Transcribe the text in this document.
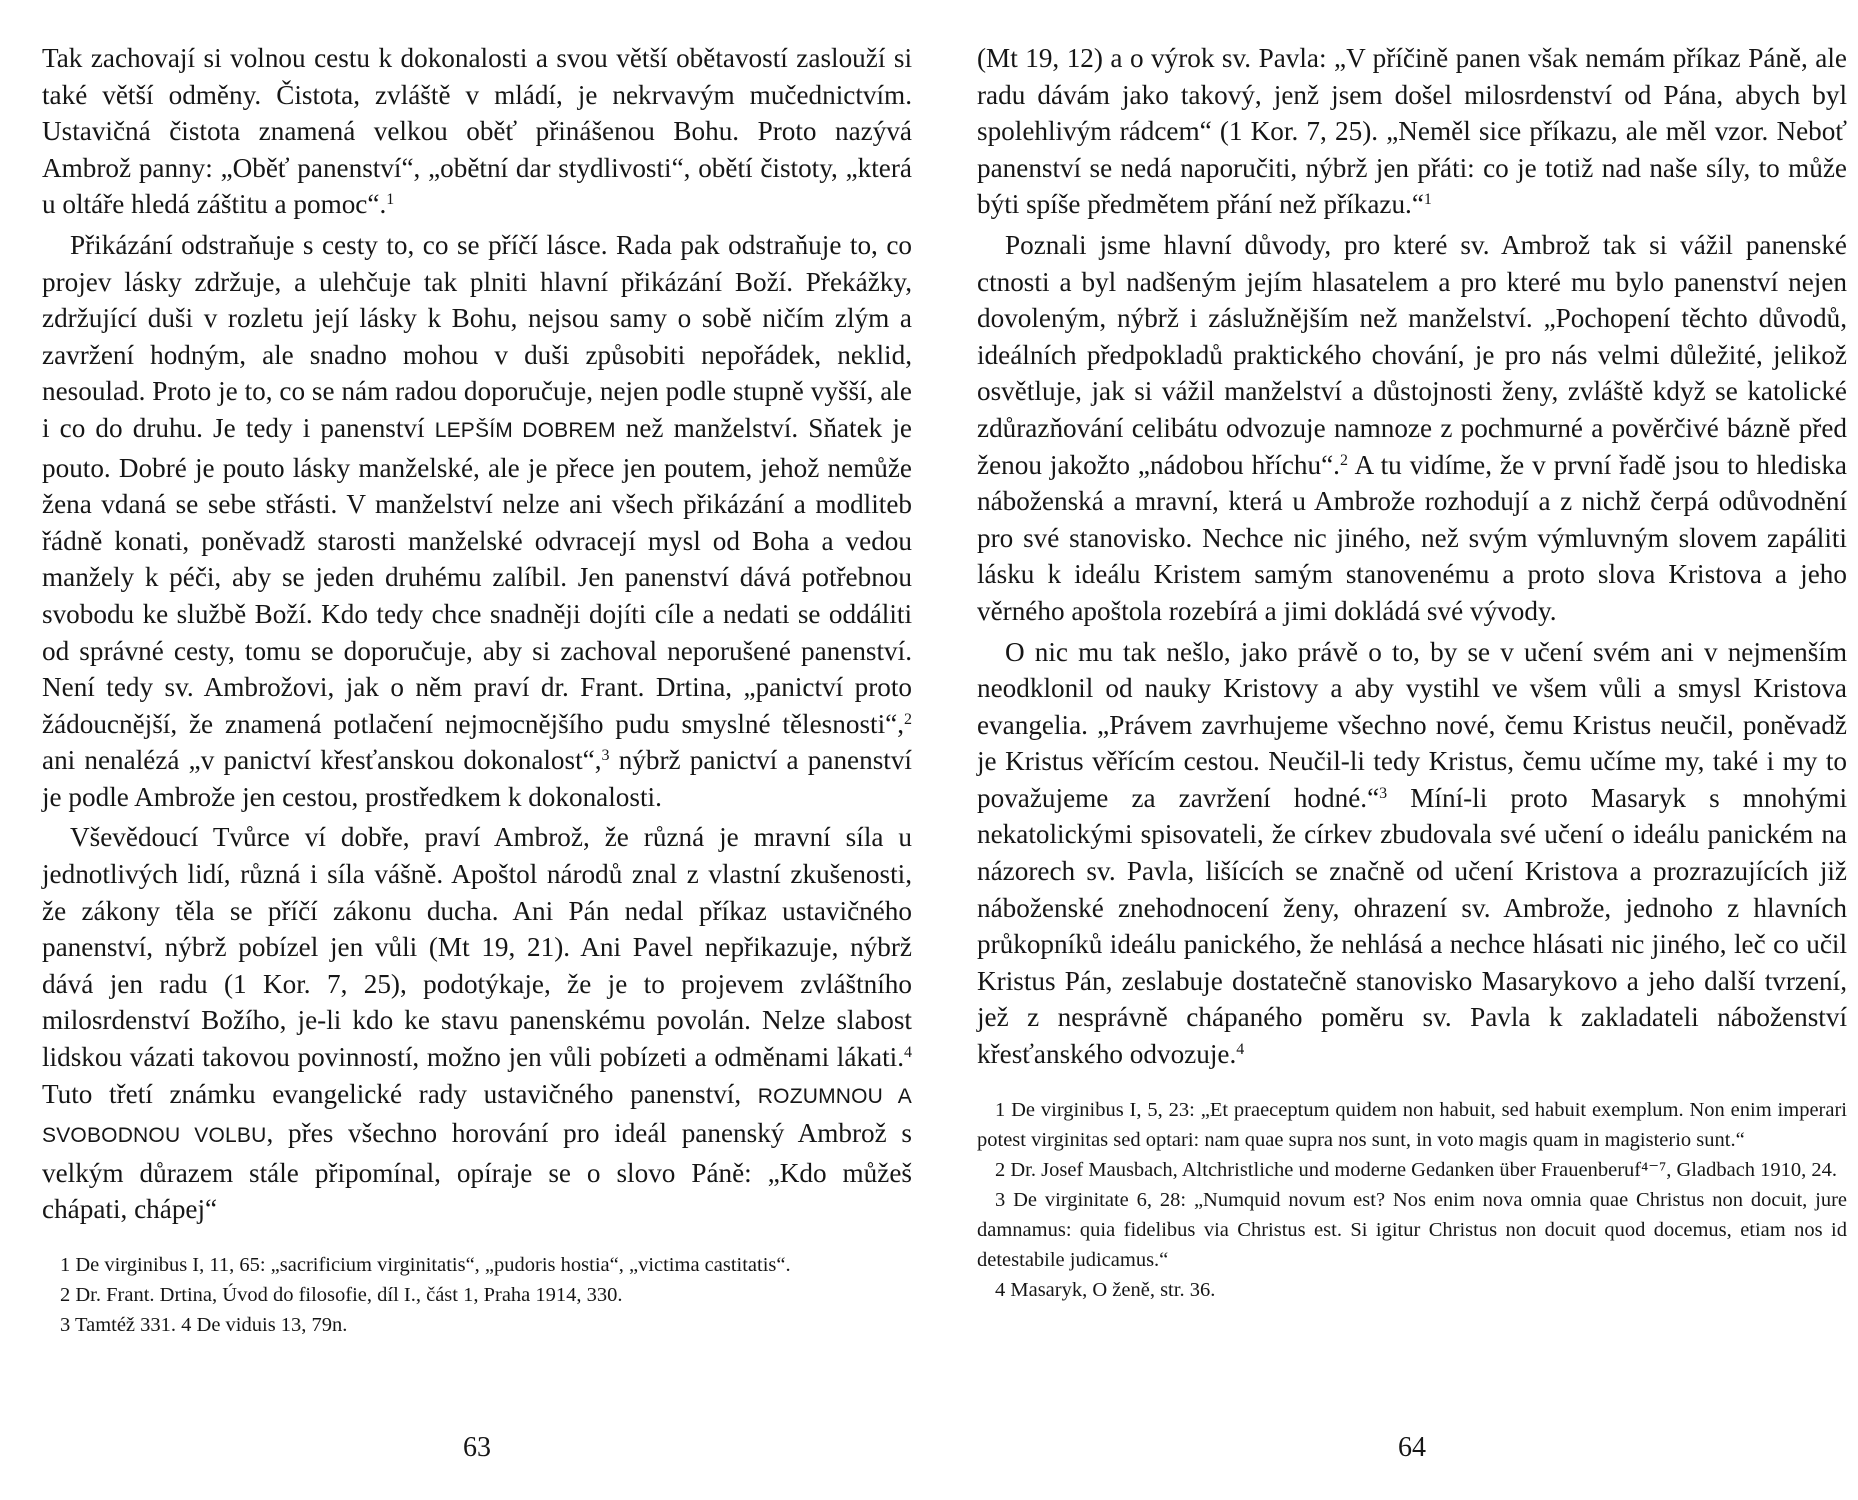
Tak zachovají si volnou cestu k dokonalosti a svou větší obětavostí zaslouží si také větší odměny. Čistota, zvláště v mládí, je nekrvavým mučednictvím. Ustavičná čistota znamená velkou oběť přinášenou Bohu. Proto nazývá Ambrož panny: „Oběť panenství“, „obětní dar stydlivosti“, obětí čistoty, „která u oltáře hledá záštitu a pomoc“.$^1$

Přikázání odstraňuje s cesty to, co se příčí lásce. Rada pak odstraňuje to, co projev lásky zdržuje, a ulehčuje tak plniti hlavní přikázání Boží. Překážky, zdržující duši v rozletu její lásky k Bohu, nejsou samy o sobě ničím zlým a zavržení hodným, ale snadno mohou v duši způsobiti nepořádek, neklid, nesoulad. Proto je to, co se nám radou doporučuje, nejen podle stupně vyšší, ale i co do druhu. Je tedy i panenství LEPŠÍM DOBREM než manželství. Sňatek je pouto. Dobré je pouto lásky manželské, ale je přece jen poutem, jehož nemůže žena vdaná se sebe střásti. V manželství nelze ani všech přikázání a modliteb řádně konati, poněvadž starosti manželské odvracejí mysl od Boha a vedou manžely k péči, aby se jeden druhému zalíbil. Jen panenství dává potřebnou svobodu ke službě Boží. Kdo tedy chce snadněji dojíti cíle a nedati se oddáliti od správné cesty, tomu se doporučuje, aby si zachoval neporušené panenství. Není tedy sv. Ambrožovi, jak o něm praví dr. Frant. Drtina, „panictví proto žádoucnější, že znamená potlačení nejmocnějšího pudu smyslné tělesnosti“,$^2$ ani nenalézá „v panictví křesťanskou dokonalost“,$^3$ nýbrž panictví a panenství je podle Ambrože jen cestou, prostředkem k dokonalosti.

Vševědoucí Tvůrce ví dobře, praví Ambrož, že různá je mravní síla u jednotlivých lidí, různá i síla vášně. Apoštol národů znal z vlastní zkušenosti, že zákony těla se příčí zákonu ducha. Ani Pán nedal příkaz ustavičného panenství, nýbrž pobízel jen vůli (Mt 19, 21). Ani Pavel nepřikazuje, nýbrž dává jen radu (1 Kor. 7, 25), podotýkaje, že je to projevem zvláštního milosrdenství Božího, je-li kdo ke stavu panenskému povolán. Nelze slabost lidskou vázati takovou povinností, možno jen vůli pobízeti a odměnami lákati.$^4$ Tuto třetí známku evangelické rady ustavičného panenství, ROZUMNOU A SVOBODNOU VOLBU, přes všechno horování pro ideál panenský Ambrož s velkým důrazem stále připomínal, opíraje se o slovo Páně: „Kdo můžeš chápati, chápej“

1 De virginibus I, 11, 65: „sacrificium virginitatis“, „pudoris hostia“, „victima castitatis“.

2 Dr. Frant. Drtina, Úvod do filosofie, díl I., část 1, Praha 1914, 330.

3 Tamtéž 331. 4 De viduis 13, 79n.

63

(Mt 19, 12) a o výrok sv. Pavla: „V příčině panen však nemám příkaz Páně, ale radu dávám jako takový, jenž jsem došel milosrdenství od Pána, abych byl spolehlivým rádcem“ (1 Kor. 7, 25). „Neměl sice příkazu, ale měl vzor. Neboť panenství se nedá naporučiti, nýbrž jen přáti: co je totiž nad naše síly, to může býti spíše předmětem přání než příkazu.“$^1$

Poznali jsme hlavní důvody, pro které sv. Ambrož tak si vážil panenské ctnosti a byl nadšeným jejím hlasatelem a pro které mu bylo panenství nejen dovoleným, nýbrž i záslužnějším než manželství. „Pochopení těchto důvodů, ideálních předpokladů praktického chování, je pro nás velmi důležité, jelikož osvětluje, jak si vážil manželství a důstojnosti ženy, zvláště když se katolické zdůrazňování celibátu odvozuje namnoze z pochmurné a pověrčivé bázně před ženou jakožto „nádobou hříchu“.$^2$ A tu vidíme, že v první řadě jsou to hlediska náboženská a mravní, která u Ambrože rozhodují a z nichž čerpá odůvodnění pro své stanovisko. Nechce nic jiného, než svým výmluvným slovem zapáliti lásku k ideálu Kristem samým stanovenému a proto slova Kristova a jeho věrného apoštola rozebírá a jimi dokládá své vývody.

O nic mu tak nešlo, jako právě o to, by se v učení svém ani v nejmenším neodklonil od nauky Kristovy a aby vystihl ve všem vůli a smysl Kristova evangelia. „Právem zavrhujeme všechno nové, čemu Kristus neučil, poněvadž je Kristus věřícím cestou. Neučil-li tedy Kristus, čemu učíme my, také i my to považujeme za zavržení hodné.“$^3$ Míní-li proto Masaryk s mnohými nekatolickými spisovateli, že církev zbudovala své učení o ideálu panickém na názorech sv. Pavla, lišících se značně od učení Kristova a prozrazujících již náboženské znehodnocení ženy, ohrazení sv. Ambrože, jednoho z hlavních průkopníků ideálu panického, že nehlásá a nechce hlásati nic jiného, leč co učil Kristus Pán, zeslabuje dostatečně stanovisko Masarykovo a jeho další tvrzení, jež z nesprávně chápaného poměru sv. Pavla k zakladateli náboženství křesťanského odvozuje.$^4$

1 De virginibus I, 5, 23: „Et praeceptum quidem non habuit, sed habuit exemplum. Non enim imperari potest virginitas sed optari: nam quae supra nos sunt, in voto magis quam in magisterio sunt.“

2 Dr. Josef Mausbach, Altchristliche und moderne Gedanken über Frauenberuf⁴⁻⁷, Gladbach 1910, 24.

3 De virginitate 6, 28: „Numquid novum est? Nos enim nova omnia quae Christus non docuit, jure damnamus: quia fidelibus via Christus est. Si igitur Christus non docuit quod docemus, etiam nos id detestabile judicamus.“

4 Masaryk, O ženě, str. 36.

64
